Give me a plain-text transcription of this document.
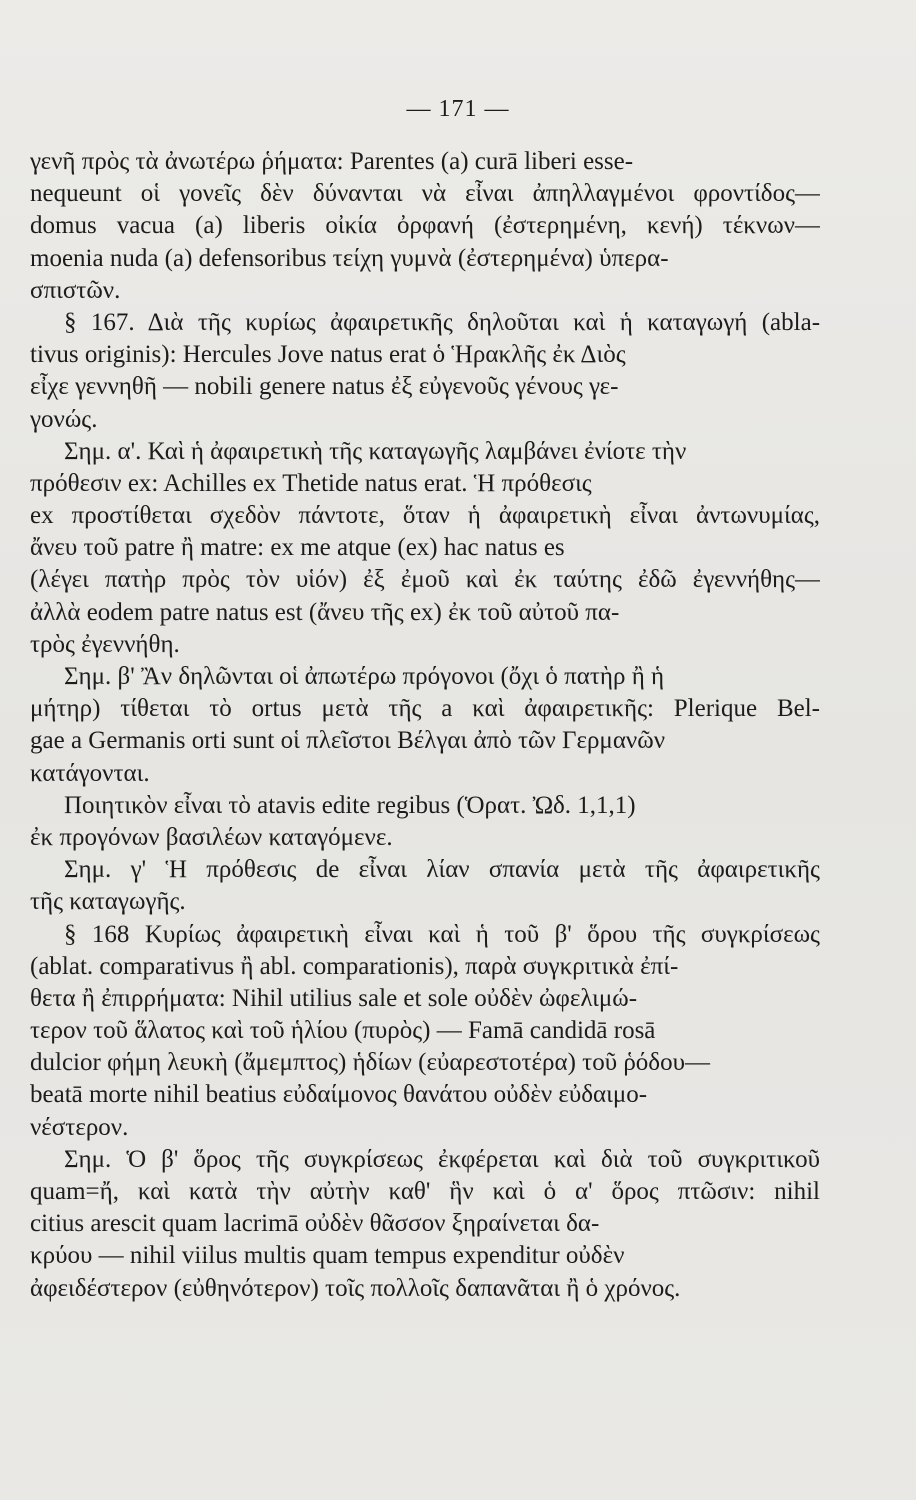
— 171 —
γενῆ πρὸς τὰ ἀνωτέρω ῥήματα: Parentes (a) curā liberi esse-
nequeunt οἱ γονεῖς δὲν δύνανται νὰ εἶναι ἀπηλλαγμένοι φροντίδος—
domus vacua (a) liberis οἰκία ὀρφανή (ἐστερημένη, κενή) τέκνων—
moenia nuda (a) defensoribus τείχη γυμνὰ (ἐστερημένα) ὑπερα-
σπιστῶν.
§ 167. Διὰ τῆς κυρίως ἀφαιρετικῆς δηλοῦται καὶ ἡ καταγωγή (abla-
tivus originis): Hercules Jove natus erat ὁ Ἡρακλῆς ἐκ Διὸς
εἶχε γεννηθῆ — nobili genere natus ἐξ εὐγενοῦς γένους γε-
γονώς.
Σημ. α'. Καὶ ἡ ἀφαιρετικὴ τῆς καταγωγῆς λαμβάνει ἐνίοτε τὴν
πρόθεσιν ex: Achilles ex Thetide natus erat. Ἡ πρόθεσις
ex προστίθεται σχεδὸν πάντοτε, ὅταν ἡ ἀφαιρετικὴ εἶναι ἀντωνυμίας,
ἄνευ τοῦ patre ἢ matre: ex me atque (ex) hac natus es
(λέγει πατὴρ πρὸς τὸν υἱόν) ἐξ ἐμοῦ καὶ ἐκ ταύτης ἐδῶ ἐγεννήθης—
ἀλλὰ eodem patre natus est (ἄνευ τῆς ex) ἐκ τοῦ αὐτοῦ πα-
τρὸς ἐγεννήθη.
Σημ. β' Ἂν δηλῶνται οἱ ἀπωτέρω πρόγονοι (ὄχι ὁ πατὴρ ἢ ἡ
μήτηρ) τίθεται τὸ ortus μετὰ τῆς a καὶ ἀφαιρετικῆς: Plerique Bel-
gae a Germanis orti sunt οἱ πλεῖστοι Βέλγαι ἀπὸ τῶν Γερμανῶν
κατάγονται.
Ποιητικὸν εἶναι τὸ atavis edite regibus (Ὁρατ. Ὠδ. 1,1,1)
ἐκ προγόνων βασιλέων καταγόμενε.
Σημ. γ' Ἡ πρόθεσις de εἶναι λίαν σπανία μετὰ τῆς ἀφαιρετικῆς
τῆς καταγωγῆς.
§ 168 Κυρίως ἀφαιρετικὴ εἶναι καὶ ἡ τοῦ β' ὅρου τῆς συγκρίσεως
(ablat. comparativus ἢ abl. comparationis), παρὰ συγκριτικὰ ἐπί-
θετα ἢ ἐπιρρήματα: Nihil utilius sale et sole οὐδὲν ὠφελιμώ-
τερον τοῦ ἅλατος καὶ τοῦ ἡλίου (πυρὸς) — Famā candidā rosā
dulcior φήμη λευκὴ (ἄμεμπτος) ἡδίων (εὐαρεστοτέρα) τοῦ ῥόδου—
beatā morte nihil beatius εὐδαίμονος θανάτου οὐδὲν εὐδαιμο-
νέστερον.
Σημ. Ὁ β' ὅρος τῆς συγκρίσεως ἐκφέρεται καὶ διὰ τοῦ συγκριτικοῦ
quam=ἤ, καὶ κατὰ τὴν αὐτὴν καθ' ἣν καὶ ὁ α' ὅρος πτῶσιν: nihil
citius arescit quam lacrimā οὐδὲν θᾶσσον ξηραίνεται δα-
κρύου — nihil viilus multis quam tempus expenditur οὐδὲν
ἀφειδέστερον (εὐθηνότερον) τοῖς πολλοῖς δαπανᾶται ἢ ὁ χρόνος.
